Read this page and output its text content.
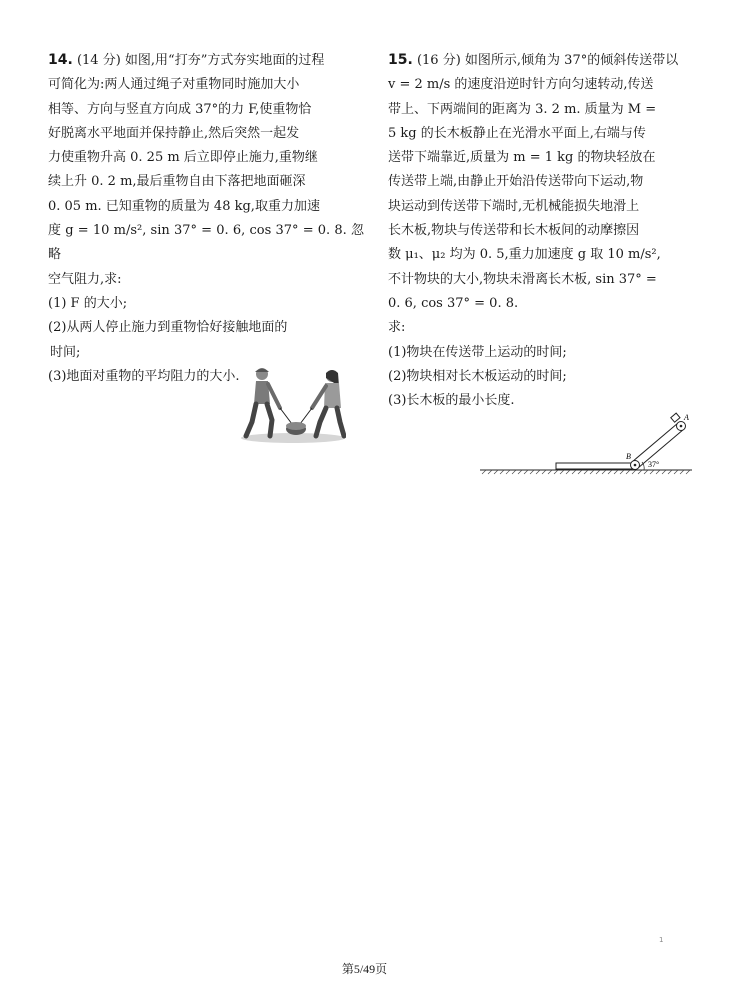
14. (14 分) 如图,用“打夯”方式夯实地面的过程

可简化为:两人通过绳子对重物同时施加大小

相等、方向与竖直方向成 37°的力 F,使重物恰

好脱离水平地面并保持静止,然后突然一起发

力使重物升高 0. 25 m 后立即停止施力,重物继

续上升 0. 2 m,最后重物自由下落把地面砸深

0. 05 m. 已知重物的质量为 48 kg,取重力加速

度 g = 10 m/s², sin 37° = 0. 6, cos 37° = 0. 8. 忽略

空气阻力,求:

(1) F 的大小;

(2)从两人停止施力到重物恰好接触地面的

时间;

(3)地面对重物的平均阻力的大小.

15. (16 分) 如图所示,倾角为 37°的倾斜传送带以

v = 2 m/s 的速度沿逆时针方向匀速转动,传送

带上、下两端间的距离为 3. 2 m. 质量为 M =

5 kg 的长木板静止在光滑水平面上,右端与传

送带下端靠近,质量为 m = 1 kg 的物块轻放在

传送带上端,由静止开始沿传送带向下运动,物

块运动到传送带下端时,无机械能损失地滑上

长木板,物块与传送带和长木板间的动摩擦因

数 μ₁、μ₂ 均为 0. 5,重力加速度 g 取 10 m/s²,

不计物块的大小,物块未滑离长木板, sin 37° =

0. 6, cos 37° = 0. 8.

求:

(1)物块在传送带上运动的时间;

(2)物块相对长木板运动的时间;

(3)长木板的最小长度.

B
A
37°
1
第5/49页
